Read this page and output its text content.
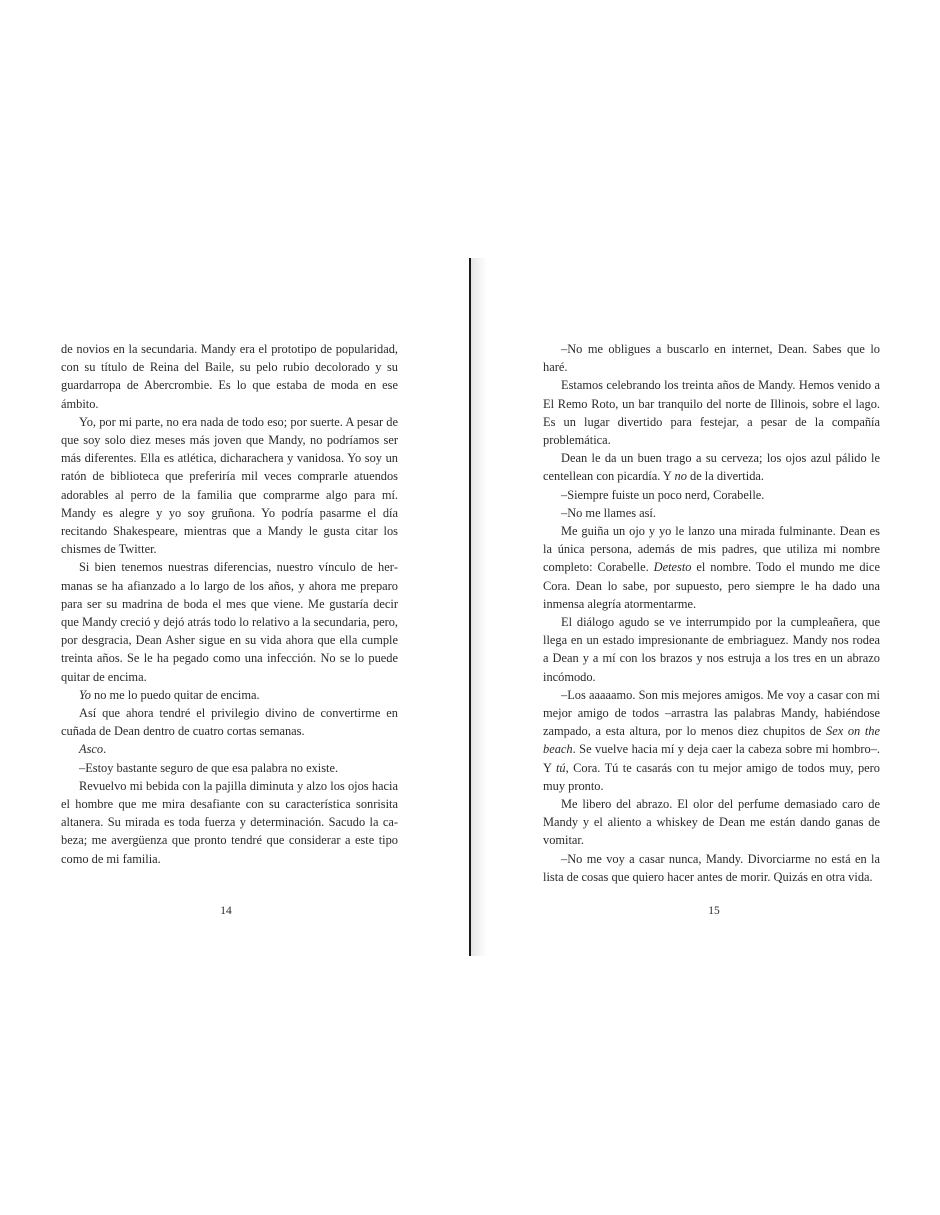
de novios en la secundaria. Mandy era el prototipo de popularidad, con su título de Reina del Baile, su pelo rubio decolorado y su guardarropa de Abercrombie. Es lo que estaba de moda en ese ámbito.

Yo, por mi parte, no era nada de todo eso; por suerte. A pesar de que soy solo diez meses más joven que Mandy, no podríamos ser más diferentes. Ella es atlética, dicharachera y vanidosa. Yo soy un ratón de biblioteca que preferiría mil veces comprarle atuendos adorables al perro de la familia que comprarme algo para mí. Mandy es alegre y yo soy gruñona. Yo podría pasarme el día recitando Shakespeare, mientras que a Mandy le gusta citar los chismes de Twitter.

Si bien tenemos nuestras diferencias, nuestro vínculo de hermanas se ha afianzado a lo largo de los años, y ahora me preparo para ser su madrina de boda el mes que viene. Me gustaría decir que Mandy creció y dejó atrás todo lo relativo a la secundaria, pero, por desgracia, Dean Asher sigue en su vida ahora que ella cumple treinta años. Se le ha pegado como una infección. No se lo puede quitar de encima.

Yo no me lo puedo quitar de encima.

Así que ahora tendré el privilegio divino de convertirme en cuñada de Dean dentro de cuatro cortas semanas.

Asco.

–Estoy bastante seguro de que esa palabra no existe.

Revuelvo mi bebida con la pajilla diminuta y alzo los ojos hacia el hombre que me mira desafiante con su característica sonrisita altanera. Su mirada es toda fuerza y determinación. Sacudo la cabeza; me avergüenza que pronto tendré que considerar a este tipo como de mi familia.

14

–No me obligues a buscarlo en internet, Dean. Sabes que lo haré.

Estamos celebrando los treinta años de Mandy. Hemos venido a El Remo Roto, un bar tranquilo del norte de Illinois, sobre el lago. Es un lugar divertido para festejar, a pesar de la compañía problemática.

Dean le da un buen trago a su cerveza; los ojos azul pálido le centellean con picardía. Y no de la divertida.

–Siempre fuiste un poco nerd, Corabelle.

–No me llames así.

Me guiña un ojo y yo le lanzo una mirada fulminante. Dean es la única persona, además de mis padres, que utiliza mi nombre completo: Corabelle. Detesto el nombre. Todo el mundo me dice Cora. Dean lo sabe, por supuesto, pero siempre le ha dado una inmensa alegría atormentarme.

El diálogo agudo se ve interrumpido por la cumpleañera, que llega en un estado impresionante de embriaguez. Mandy nos rodea a Dean y a mí con los brazos y nos estruja a los tres en un abrazo incómodo.

–Los aaaaamo. Son mis mejores amigos. Me voy a casar con mi mejor amigo de todos –arrastra las palabras Mandy, habiéndose zampado, a esta altura, por lo menos diez chupitos de Sex on the beach. Se vuelve hacia mí y deja caer la cabeza sobre mi hombro–. Y tú, Cora. Tú te casarás con tu mejor amigo de todos muy, pero muy pronto.

Me libero del abrazo. El olor del perfume demasiado caro de Mandy y el aliento a whiskey de Dean me están dando ganas de vomitar.

–No me voy a casar nunca, Mandy. Divorciarme no está en la lista de cosas que quiero hacer antes de morir. Quizás en otra vida.

15
